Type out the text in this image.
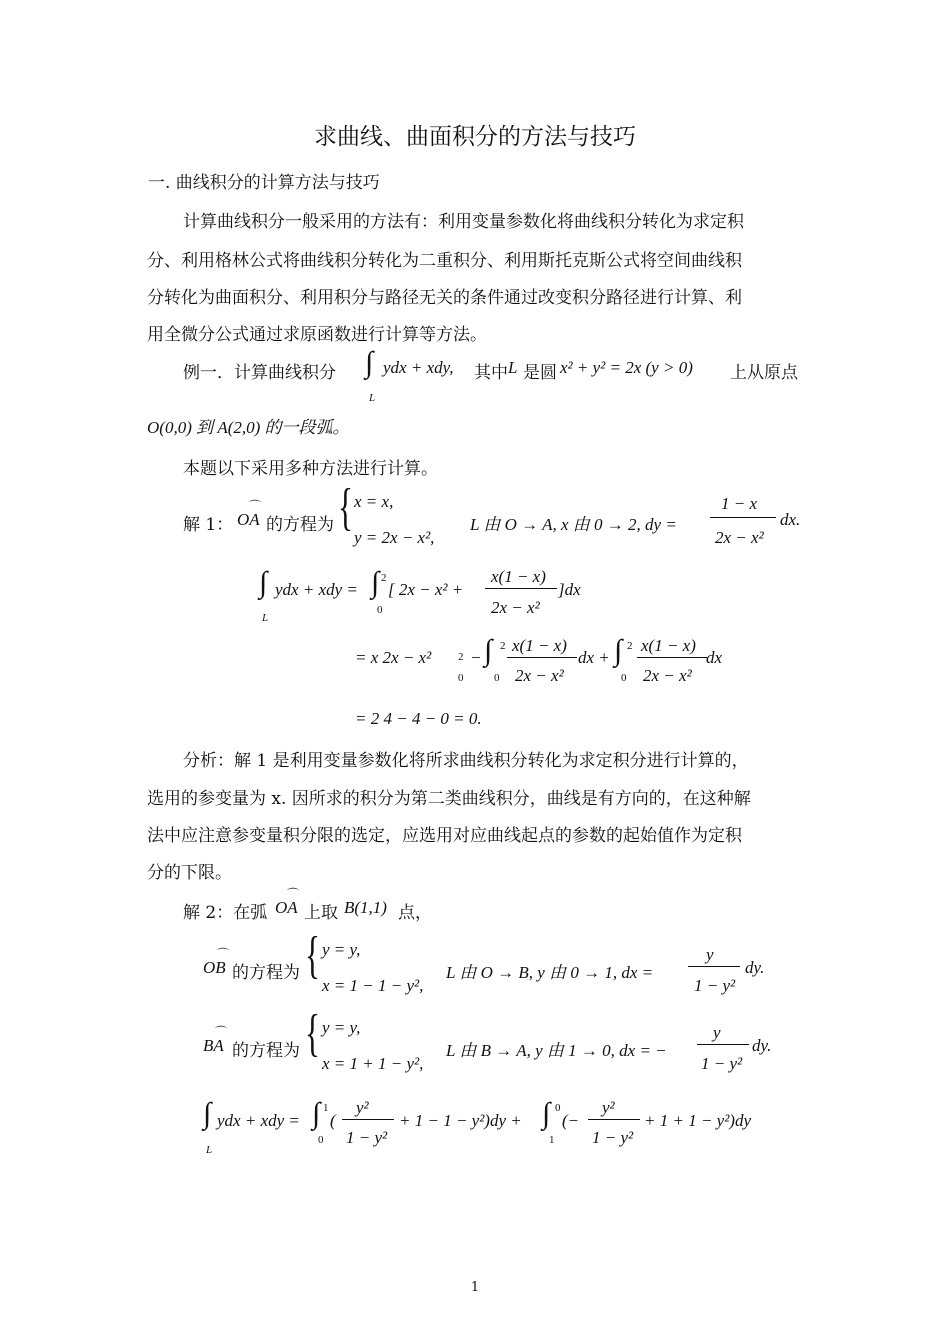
求曲线、曲面积分的方法与技巧
一. 曲线积分的计算方法与技巧
计算曲线积分一般采用的方法有：利用变量参数化将曲线积分转化为求定积
分、利用格林公式将曲线积分转化为二重积分、利用斯托克斯公式将空间曲线积
分转化为曲面积分、利用积分与路径无关的条件通过改变积分路径进行计算、利
用全微分公式通过求原函数进行计算等方法。
例一．计算曲线积分 ∫ ydx + xdy, 其中 L 是圆 x² + y² = 2x (y > 0) 上从原点
L
O(0,0) 到 A(2,0) 的一段弧。
本题以下采用多种方法进行计算。
解 1： OA
⌒
的方程为 { x = x,
y = 2x − x²,
L 由 O → A, x 由 0 → 2, dy =
1 − x
2x − x²
dx.
∫ ydx + xdy =
L
∫ 2
0
[ 2x − x² +
x(1 − x)
2x − x²
]dx
= x 2x − x² 2
0
− ∫ 2
0
x(1 − x)
2x − x²
dx + ∫ 2
0
x(1 − x)
2x − x²
dx
= 2 4 − 4 − 0 = 0.
分析：解 1 是利用变量参数化将所求曲线积分转化为求定积分进行计算的，
选用的参变量为 x. 因所求的积分为第二类曲线积分，曲线是有方向的，在这种解
法中应注意参变量积分限的选定，应选用对应曲线起点的参数的起始值作为定积
分的下限。
解 2：在弧 OA
⌒
上取 B(1,1) 点，
OB
⌒
的方程为 { y = y,
x = 1 − 1 − y²,
L 由 O → B, y 由 0 → 1, dx =
y
1 − y²
dy.
BA
⌒
的方程为 { y = y,
x = 1 + 1 − y²,
L 由 B → A, y 由 1 → 0, dx = −
y
1 − y²
dy.
∫ ydx + xdy =
L
∫ 1
0
(
y²
1 − y²
+ 1 − 1 − y²)dy + ∫ 0
1
(−
y²
1 − y²
+ 1 + 1 − y²)dy
1
